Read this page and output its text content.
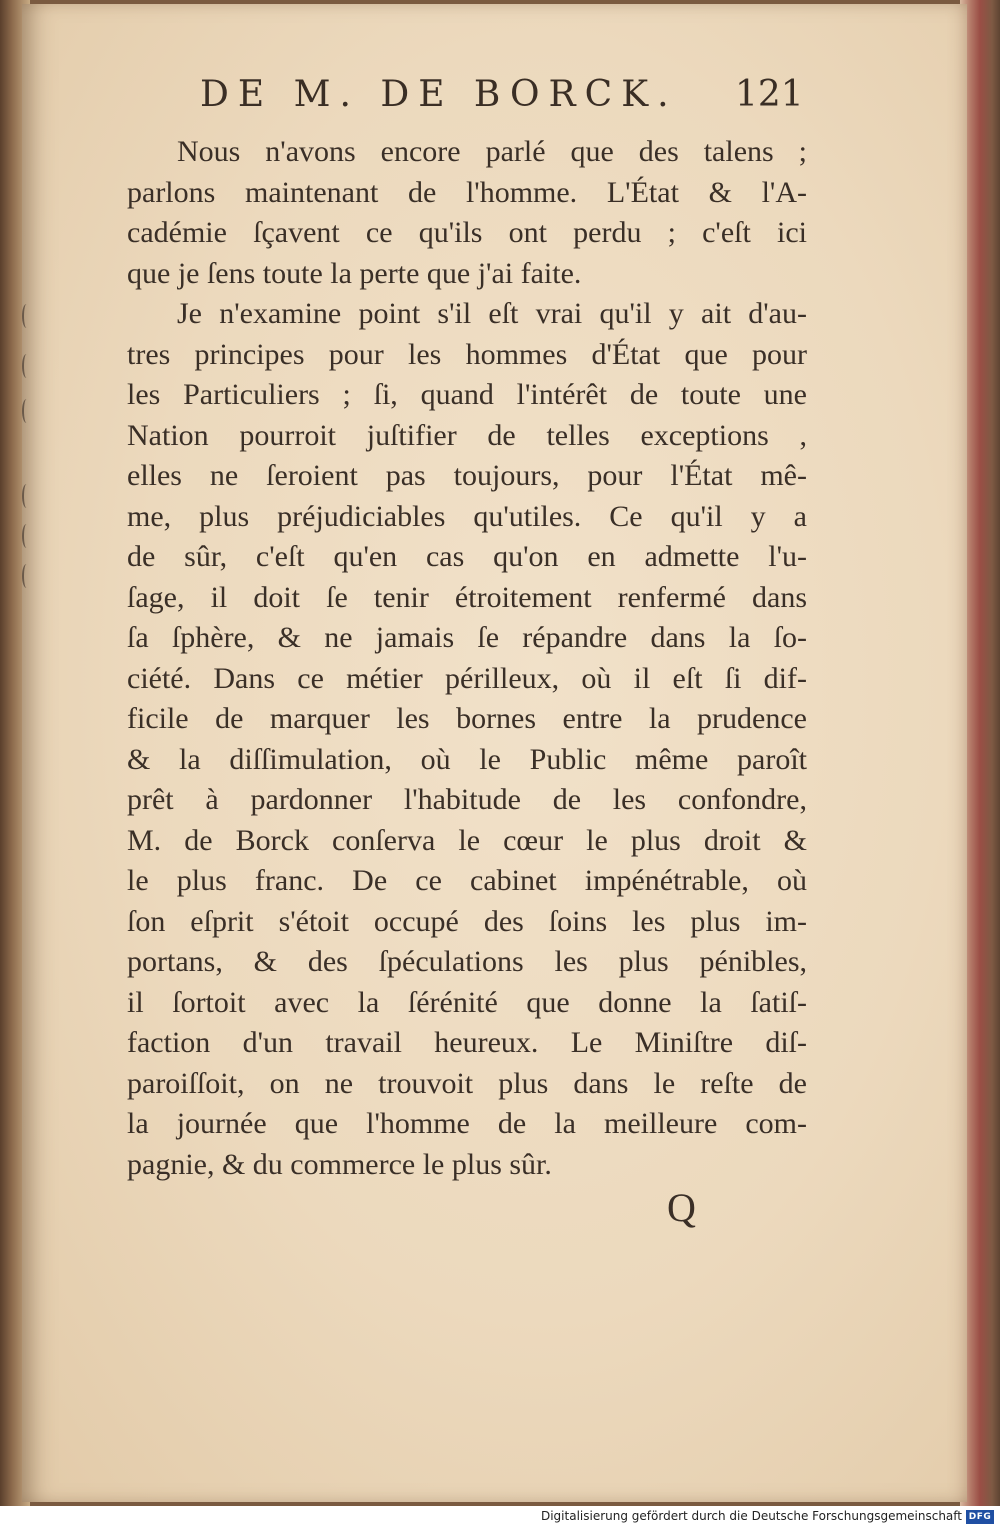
DE M. DE BORCK. 121
Nous n'avons encore parlé que des talens ;
parlons maintenant de l'homme. L'État & l'A-
cadémie ſçavent ce qu'ils ont perdu ; c'eſt ici
que je ſens toute la perte que j'ai faite.
Je n'examine point s'il eſt vrai qu'il y ait d'au-
tres principes pour les hommes d'État que pour
les Particuliers ; ſi, quand l'intérêt de toute une
Nation pourroit juſtifier de telles exceptions ,
elles ne ſeroient pas toujours, pour l'État mê-
me, plus préjudiciables qu'utiles. Ce qu'il y a
de sûr, c'eſt qu'en cas qu'on en admette l'u-
ſage, il doit ſe tenir étroitement renfermé dans
ſa ſphère, & ne jamais ſe répandre dans la ſo-
ciété. Dans ce métier périlleux, où il eſt ſi dif-
ficile de marquer les bornes entre la prudence
& la diſſimulation, où le Public même paroît
prêt à pardonner l'habitude de les confondre,
M. de Borck conſerva le cœur le plus droit &
le plus franc. De ce cabinet impénétrable, où
ſon eſprit s'étoit occupé des ſoins les plus im-
portans, & des ſpéculations les plus pénibles,
il ſortoit avec la ſérénité que donne la ſatiſ-
faction d'un travail heureux. Le Miniſtre diſ-
paroiſſoit, on ne trouvoit plus dans le reſte de
la journée que l'homme de la meilleure com-
pagnie, & du commerce le plus sûr.
Q
Digitalisierung gefördert durch die Deutsche Forschungsgemeinschaft DFG
